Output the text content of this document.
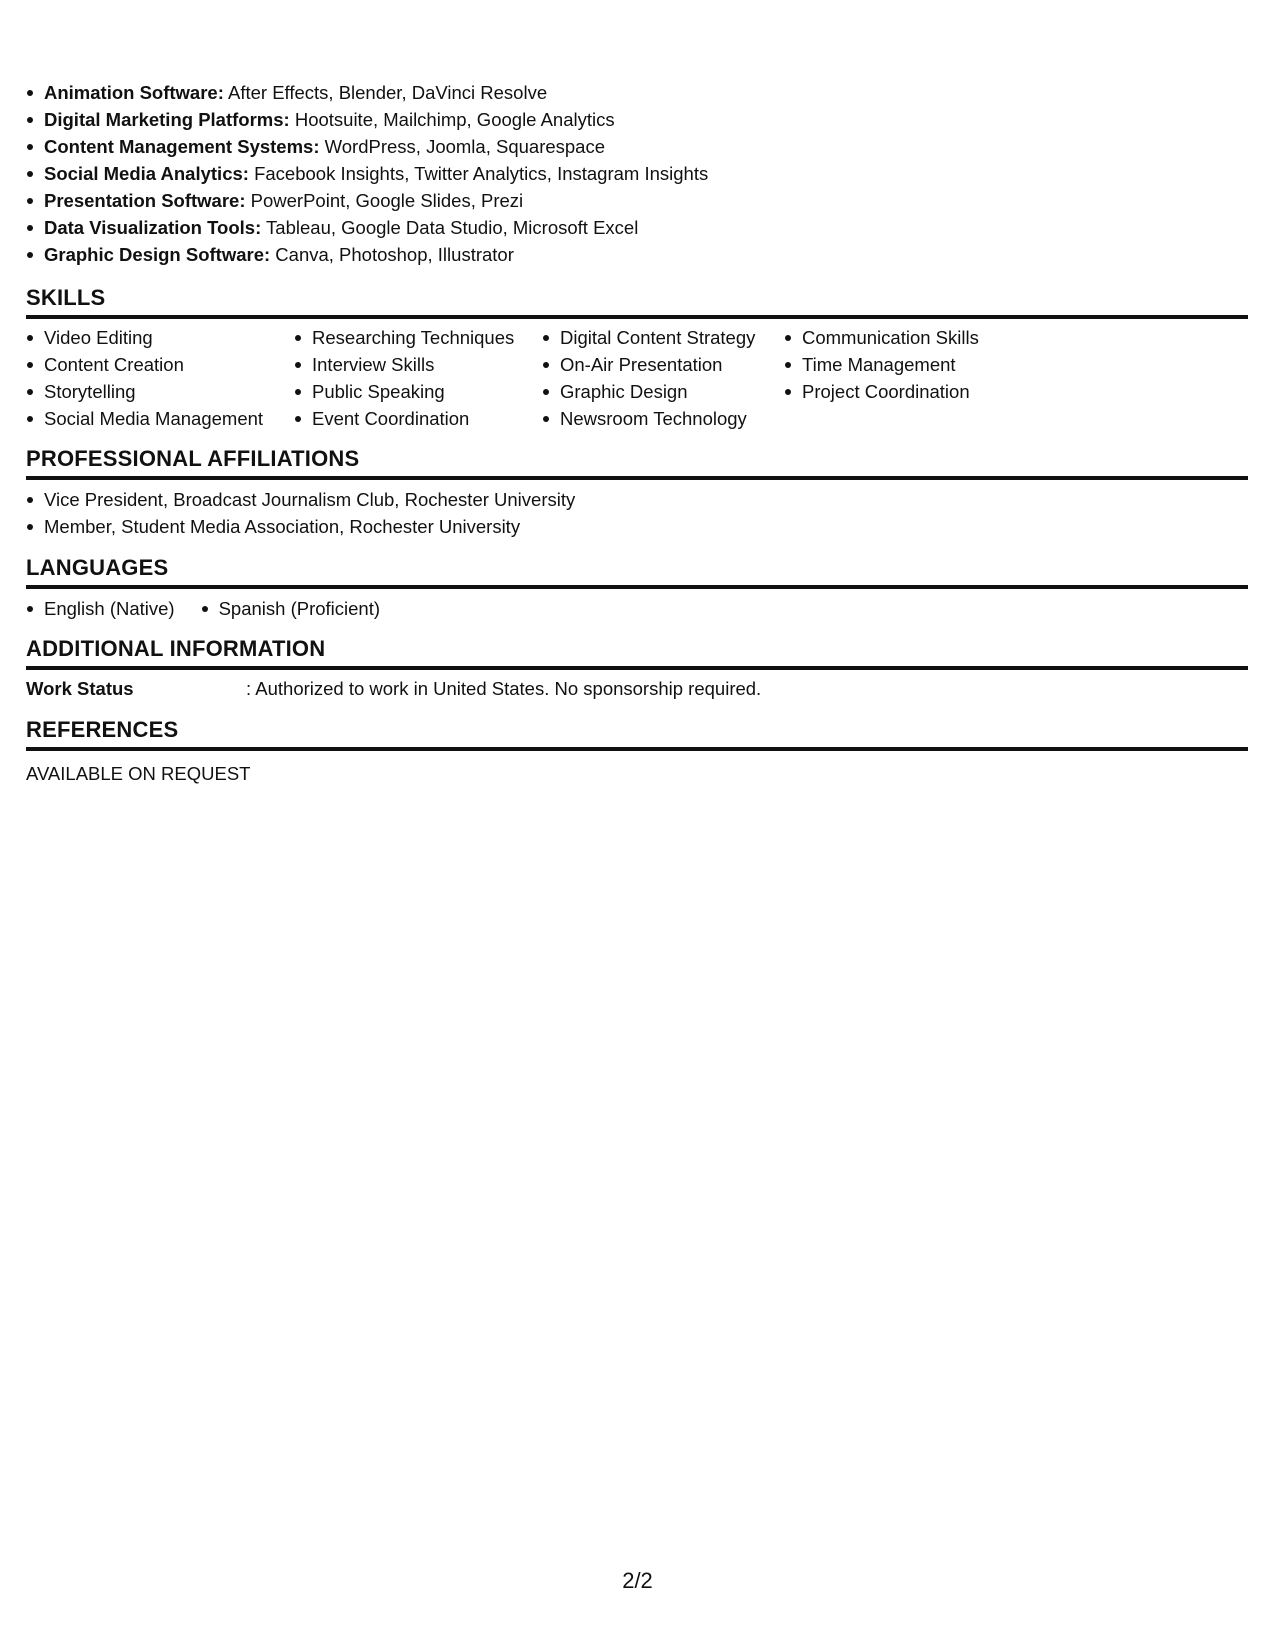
Animation Software: After Effects, Blender, DaVinci Resolve
Digital Marketing Platforms: Hootsuite, Mailchimp, Google Analytics
Content Management Systems: WordPress, Joomla, Squarespace
Social Media Analytics: Facebook Insights, Twitter Analytics, Instagram Insights
Presentation Software: PowerPoint, Google Slides, Prezi
Data Visualization Tools: Tableau, Google Data Studio, Microsoft Excel
Graphic Design Software: Canva, Photoshop, Illustrator
SKILLS
Video Editing
Content Creation
Storytelling
Social Media Management
Researching Techniques
Interview Skills
Public Speaking
Event Coordination
Digital Content Strategy
On-Air Presentation
Graphic Design
Newsroom Technology
Communication Skills
Time Management
Project Coordination
PROFESSIONAL AFFILIATIONS
Vice President, Broadcast Journalism Club, Rochester University
Member, Student Media Association, Rochester University
LANGUAGES
English (Native)	Spanish (Proficient)
ADDITIONAL INFORMATION
Work Status	: Authorized to work in United States. No sponsorship required.
REFERENCES
AVAILABLE ON REQUEST
2/2
